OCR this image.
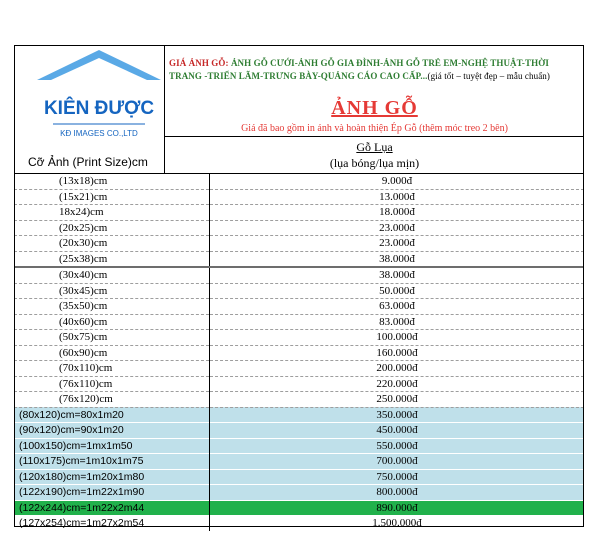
KIÊN ĐƯỢC
KĐ IMAGES CO.,LTD
Cỡ Ảnh (Print Size)cm
GIÁ ẢNH GỖ: ẢNH GỖ CƯỚI-ẢNH GỖ GIA ĐÌNH-ẢNH GỖ TRẺ EM-NGHỆ THUẬT-THỜI TRANG -TRIỂN LÃM-TRƯNG BÀY-QUẢNG CÁO CAO CẤP...(giá tốt – tuyệt đẹp – mẫu chuẩn)
ẢNH GỖ
Giá đã bao gồm in ảnh và hoàn thiện Ép Gỗ (thêm móc treo 2 bên)
Gỗ Lụa
(lụa bóng/lụa mịn)
(13x18)cm	9.000đ
(15x21)cm	13.000đ
18x24)cm	18.000đ
(20x25)cm	23.000đ
(20x30)cm	23.000đ
(25x38)cm	38.000đ
(30x40)cm	38.000đ
(30x45)cm	50.000đ
(35x50)cm	63.000đ
(40x60)cm	83.000đ
(50x75)cm	100.000đ
(60x90)cm	160.000đ
(70x110)cm	200.000đ
(76x110)cm	220.000đ
(76x120)cm	250.000đ
(80x120)cm=80x1m20	350.000đ
(90x120)cm=90x1m20	450.000đ
(100x150)cm=1mx1m50	550.000đ
(110x175)cm=1m10x1m75	700.000đ
(120x180)cm=1m20x1m80	750.000đ
(122x190)cm=1m22x1m90	800.000đ
(122x244)cm=1m22x2m44	890.000đ
(127x254)cm=1m27x2m54	1.500.000đ
